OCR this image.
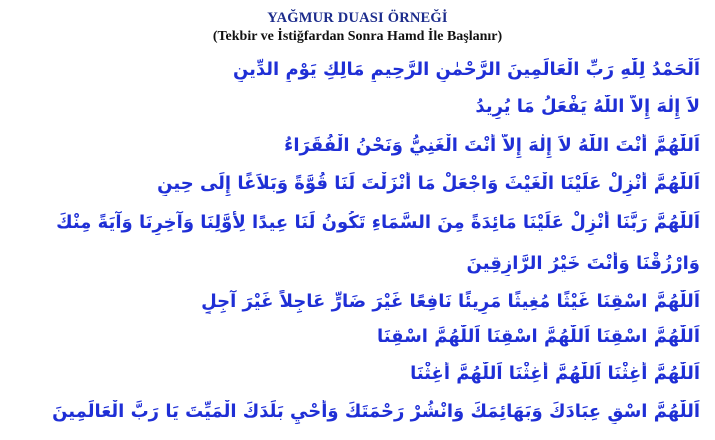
YAĞMUR DUASI ÖRNEĞİ
(Tekbir ve İstiğfardan Sonra Hamd İle Başlanır)
اَلْحَمْدُ لِلّٰهِ رَبِّ الْعَالَمِينَ الرَّحْمٰنِ الرَّحِيمِ مَالِكِ يَوْمِ الدِّينِ
لاَ إِلٰهَ إِلاَّ اللّٰهُ يَفْعَلُ مَا يُرِيدُ
اَللّٰهُمَّ أَنْتَ اللّٰهُ لاَ إِلٰهَ إِلاَّ أَنْتَ الْغَنِيُّ وَنَحْنُ الْفُقَرَاءُ
اَللّٰهُمَّ أَنْزِلْ عَلَيْنَا الْغَيْثَ وَاجْعَلْ مَا أَنْزَلْتَ لَنَا قُوَّةً وَبَلاَغًا إِلَى حِينٍ
اَللّٰهُمَّ رَبَّنَا أَنْزِلْ عَلَيْنَا مَائِدَةً مِنَ السَّمَاءِ تَكُونُ لَنَا عِيدًا لِأَوَّلِنَا وَآخِرِنَا وَآيَةً مِنْكَ
وَارْزُقْنَا وَأَنْتَ خَيْرُ الرَّازِقِينَ
اَللّٰهُمَّ اسْقِنَا غَيْثًا مُغِيثًا مَرِيئًا نَافِعًا غَيْرَ ضَارٍّ عَاجِلاً غَيْرَ آجِلٍ
اَللّٰهُمَّ اسْقِنَا اَللّٰهُمَّ اسْقِنَا اَللّٰهُمَّ اسْقِنَا
اَللّٰهُمَّ أَغِثْنَا اَللّٰهُمَّ أَغِثْنَا اَللّٰهُمَّ أَغِثْنَا
اَللّٰهُمَّ اسْقِ عِبَادَكَ وَبَهَائِمَكَ وَانْشُرْ رَحْمَتَكَ وَأَحْيِ بَلَدَكَ الْمَيِّتَ يَا رَبَّ الْعَالَمِينَ
